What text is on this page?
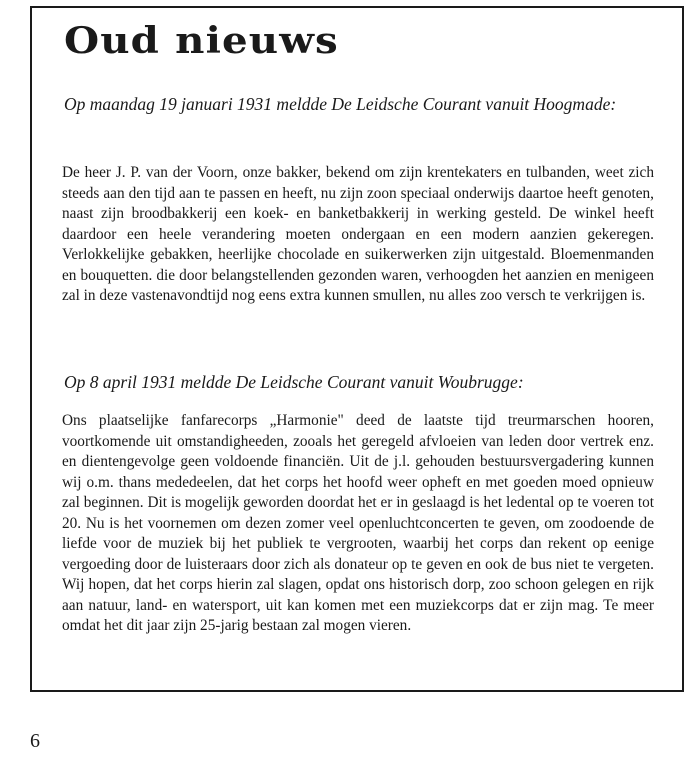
Oud nieuws

Op maandag 19 januari 1931 meldde De Leidsche Courant vanuit Hoogmade:

De heer J. P. van der Voorn, onze bakker, bekend om zijn krentekaters en tulbanden, weet zich steeds aan den tijd aan te passen en heeft, nu zijn zoon speciaal onderwijs daartoe heeft genoten, naast zijn broodbakkerij een koek- en banketbakkerij in werking gesteld. De winkel heeft daardoor een heele verandering moeten ondergaan en een modern aanzien gekeregen. Verlokkelijke gebakken, heerlijke chocolade en suikerwerken zijn uitgestald. Bloemenmanden en bouquetten. die door belangstellenden gezonden waren, verhoogden het aanzien en menigeen zal in deze vastenavondtijd nog eens extra kunnen smullen, nu alles zoo versch te verkrijgen is.

Op 8 april 1931 meldde De Leidsche Courant vanuit Woubrugge:

Ons plaatselijke fanfarecorps „Harmonie" deed de laatste tijd treurmarschen hooren, voortkomende uit omstandigheeden, zooals het geregeld afvloeien van leden door vertrek enz. en dientengevolge geen voldoende financiën. Uit de j.l. gehouden bestuursvergadering kunnen wij o.m. thans mededeelen, dat het corps het hoofd weer opheft en met goeden moed opnieuw zal beginnen. Dit is mogelijk geworden doordat het er in geslaagd is het ledental op te voeren tot 20. Nu is het voornemen om dezen zomer veel openluchtconcerten te geven, om zoodoende de liefde voor de muziek bij het publiek te vergrooten, waarbij het corps dan rekent op eenige vergoeding door de luisteraars door zich als donateur op te geven en ook de bus niet te vergeten. Wij hopen, dat het corps hierin zal slagen, opdat ons historisch dorp, zoo schoon gelegen en rijk aan natuur, land- en watersport, uit kan komen met een muziekcorps dat er zijn mag. Te meer omdat het dit jaar zijn 25-jarig bestaan zal mogen vieren.

6
